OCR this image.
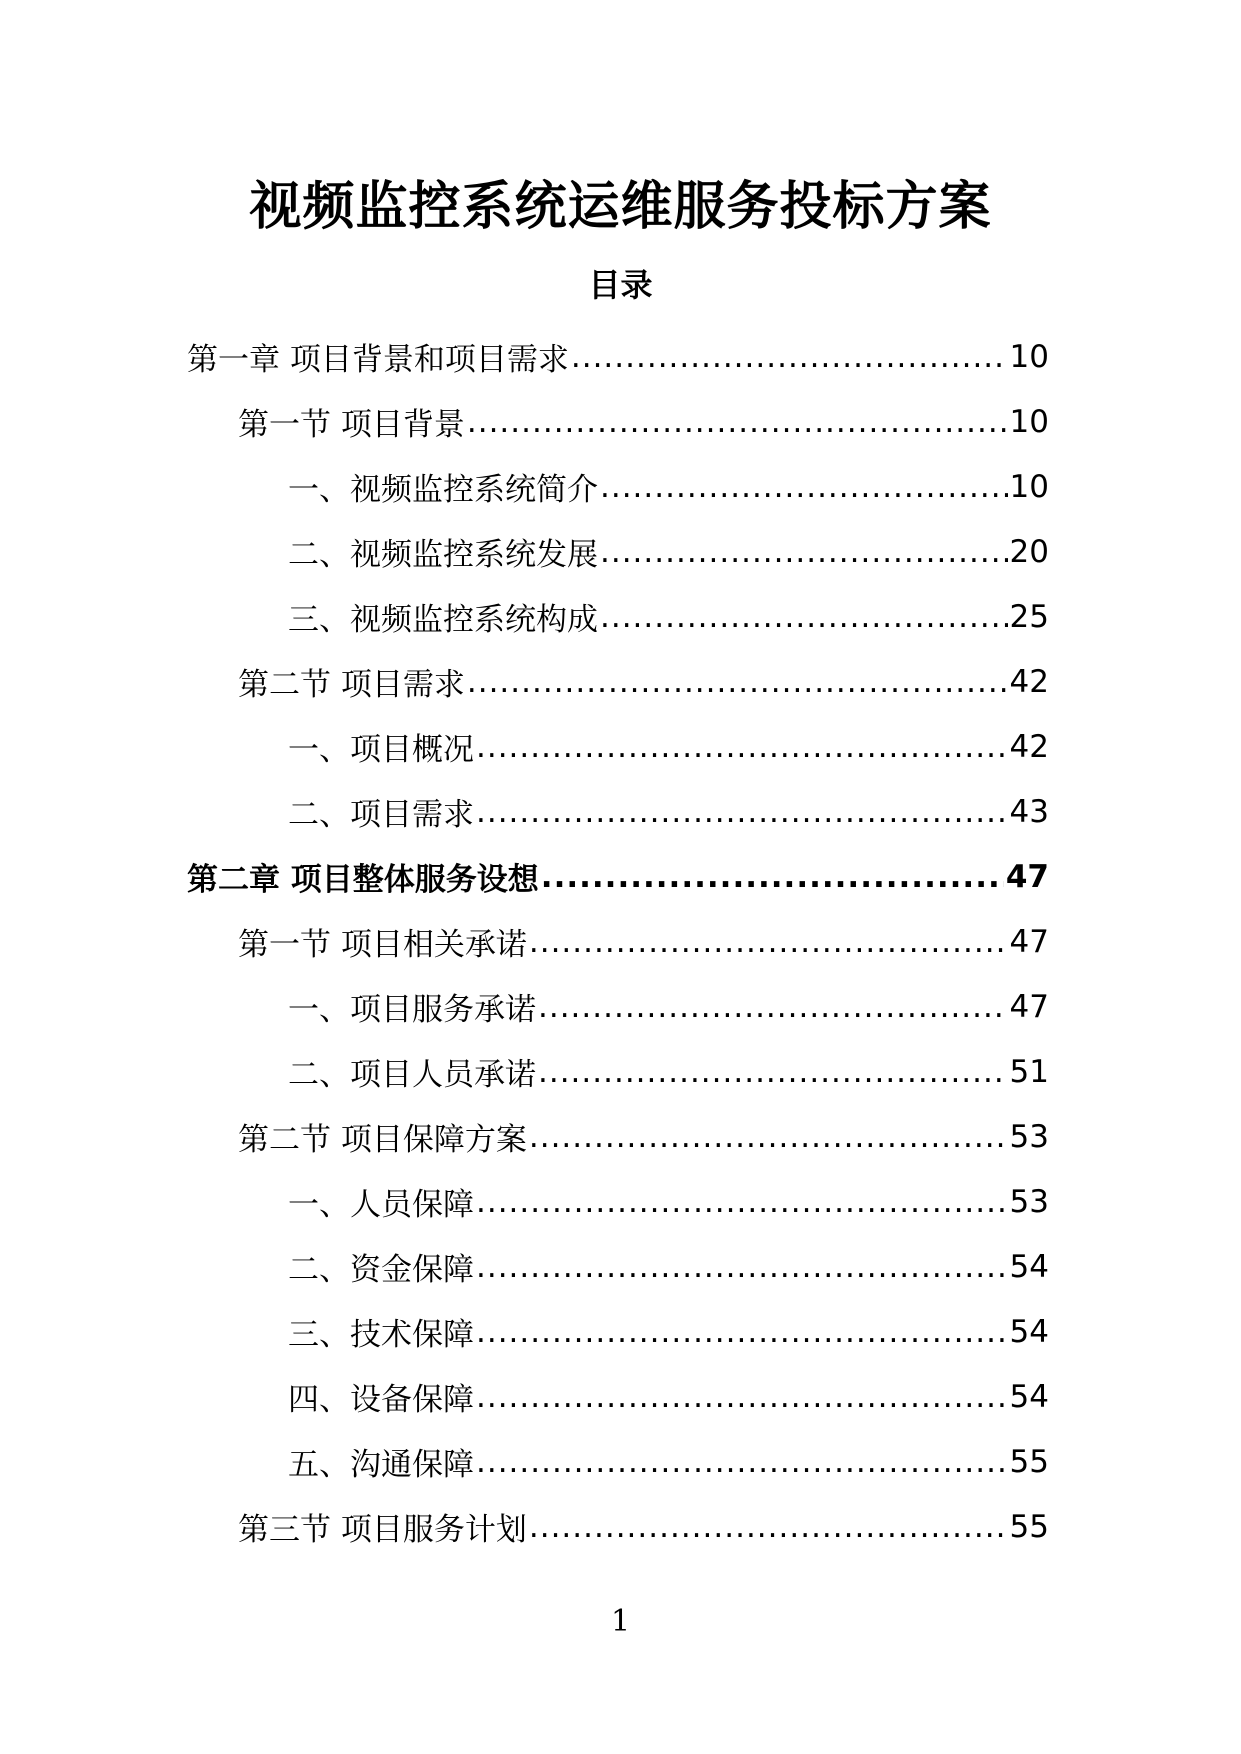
视频监控系统运维服务投标方案
目录
第一章 项目背景和项目需求 .....	10
第一节 项目背景 .....	10
一、视频监控系统简介 .....	10
二、视频监控系统发展 .....	20
三、视频监控系统构成 .....	25
第二节 项目需求 .....	42
一、项目概况 .....	42
二、项目需求 .....	43
第二章 项目整体服务设想 .....	47
第一节 项目相关承诺 .....	47
一、项目服务承诺 .....	47
二、项目人员承诺 .....	51
第二节 项目保障方案 .....	53
一、人员保障 .....	53
二、资金保障 .....	54
三、技术保障 .....	54
四、设备保障 .....	54
五、沟通保障 .....	55
第三节 项目服务计划 .....	55
1
